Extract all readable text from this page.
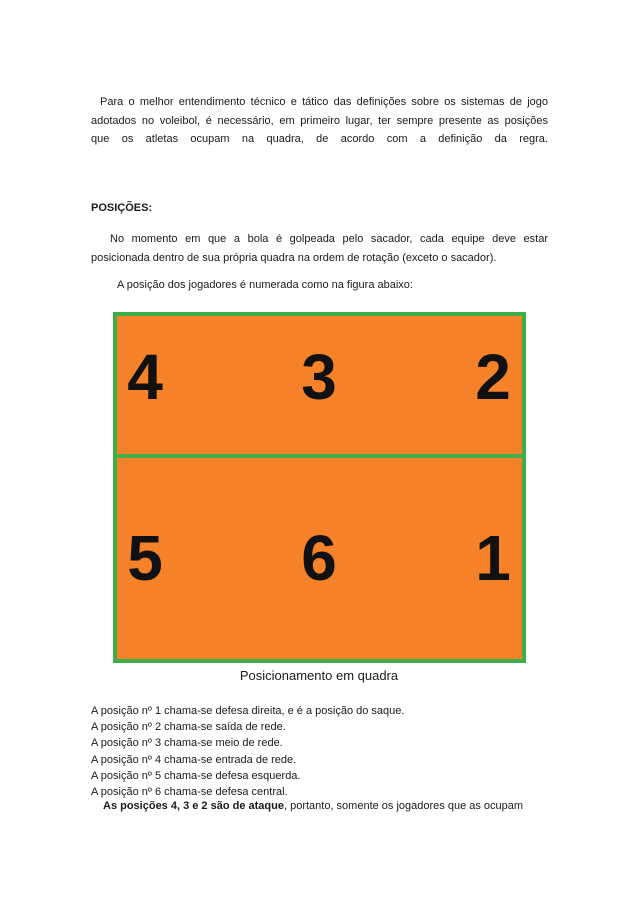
Para o melhor entendimento técnico e tático das definições sobre os sistemas de jogo
adotados no voleibol, é necessário, em primeiro lugar, ter sempre presente as posições
que os atletas ocupam na quadra, de acordo com a definição da regra.

POSIÇÕES:

No momento em que a bola é golpeada pelo sacador, cada equipe deve estar
posicionada dentro de sua própria quadra na ordem de rotação (exceto o sacador).

A posição dos jogadores é numerada como na figura abaixo:

4 3 2
5 6 1

Posicionamento em quadra

A posição nº 1 chama-se defesa direita, e é a posição do saque.
A posição nº 2 chama-se saída de rede.
A posição nº 3 chama-se meio de rede.
A posição nº 4 chama-se entrada de rede.
A posição nº 5 chama-se defesa esquerda.
A posição nº 6 chama-se defesa central.

As posições 4, 3 e 2 são de ataque, portanto, somente os jogadores que as ocupam
